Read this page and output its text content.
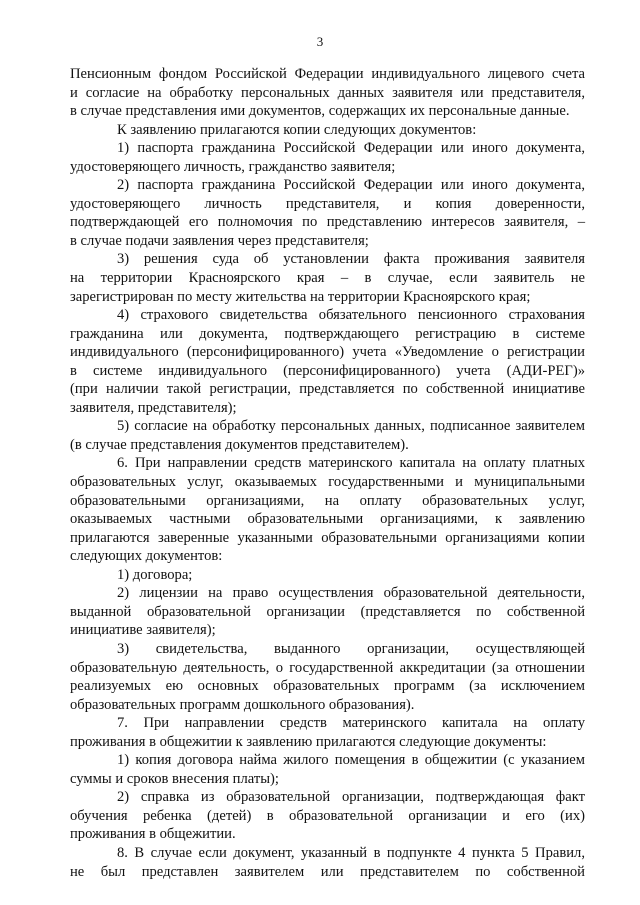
3
Пенсионным фондом Российской Федерации индивидуального лицевого счета
и согласие на обработку персональных данных заявителя или представителя,
в случае представления ими документов, содержащих их персональные данные.
К заявлению прилагаются копии следующих документов:
1) паспорта гражданина Российской Федерации или иного документа,
удостоверяющего личность, гражданство заявителя;
2) паспорта гражданина Российской Федерации или иного документа,
удостоверяющего личность представителя, и копия доверенности,
подтверждающей его полномочия по представлению интересов заявителя, –
в случае подачи заявления через представителя;
3) решения суда об установлении факта проживания заявителя
на территории Красноярского края – в случае, если заявитель не
зарегистрирован по месту жительства на территории Красноярского края;
4) страхового свидетельства обязательного пенсионного страхования
гражданина или документа, подтверждающего регистрацию в системе
индивидуального (персонифицированного) учета «Уведомление о регистрации
в системе индивидуального (персонифицированного) учета (АДИ-РЕГ)»
(при наличии такой регистрации, представляется по собственной инициативе
заявителя, представителя);
5) согласие на обработку персональных данных, подписанное заявителем
(в случае представления документов представителем).
6. При направлении средств материнского капитала на оплату платных
образовательных услуг, оказываемых государственными и муниципальными
образовательными организациями, на оплату образовательных услуг,
оказываемых частными образовательными организациями, к заявлению
прилагаются заверенные указанными образовательными организациями копии
следующих документов:
1) договора;
2) лицензии на право осуществления образовательной деятельности,
выданной образовательной организации (представляется по собственной
инициативе заявителя);
3) свидетельства, выданного организации, осуществляющей
образовательную деятельность, о государственной аккредитации (за отношении
реализуемых ею основных образовательных программ (за исключением
образовательных программ дошкольного образования).
7. При направлении средств материнского капитала на оплату
проживания в общежитии к заявлению прилагаются следующие документы:
1) копия договора найма жилого помещения в общежитии (с указанием
суммы и сроков внесения платы);
2) справка из образовательной организации, подтверждающая факт
обучения ребенка (детей) в образовательной организации и его (их)
проживания в общежитии.
8. В случае если документ, указанный в подпункте 4 пункта 5 Правил,
не был представлен заявителем или представителем по собственной
